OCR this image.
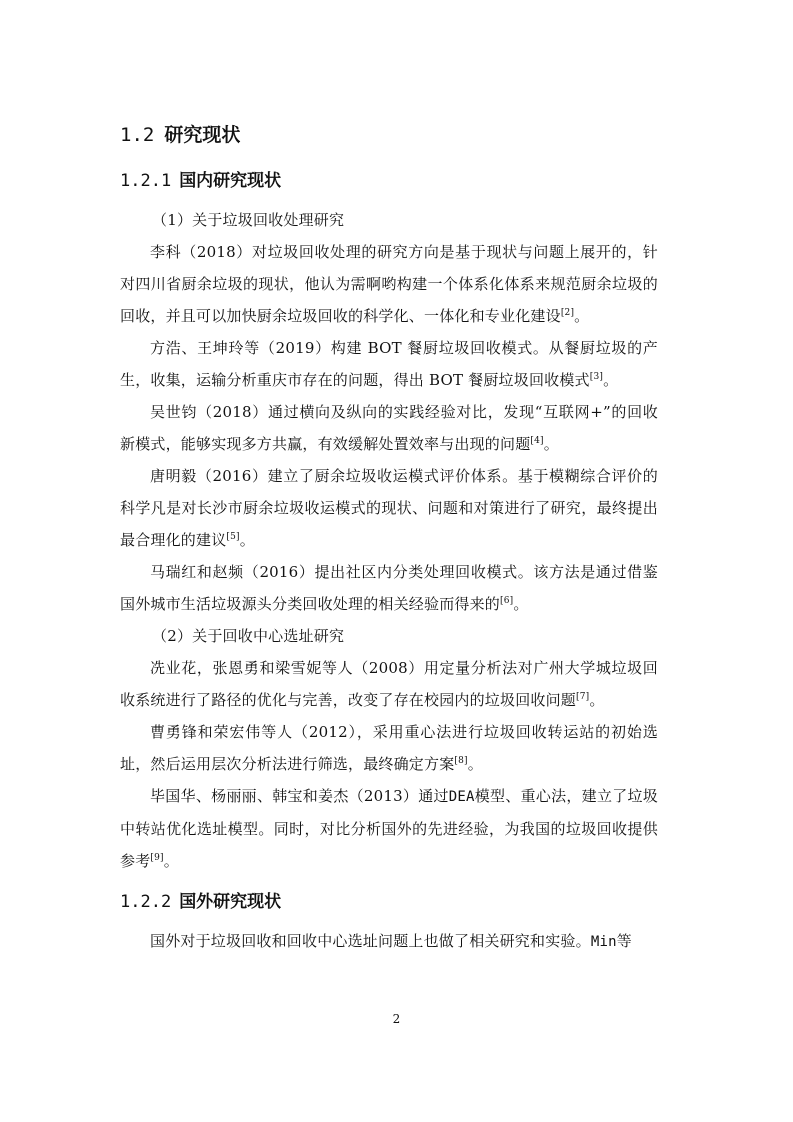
1.2 研究现状
1.2.1 国内研究现状

（1）关于垃圾回收处理研究

李科（2018）对垃圾回收处理的研究方向是基于现状与问题上展开的，针对四川省厨余垃圾的现状，他认为需啊哟构建一个体系化体系来规范厨余垃圾的回收，并且可以加快厨余垃圾回收的科学化、一体化和专业化建设[2]。

方浩、王坤玲等（2019）构建 BOT 餐厨垃圾回收模式。从餐厨垃圾的产生，收集，运输分析重庆市存在的问题，得出 BOT 餐厨垃圾回收模式[3]。

吴世钧（2018）通过横向及纵向的实践经验对比，发现“互联网+”的回收新模式，能够实现多方共赢，有效缓解处置效率与出现的问题[4]。

唐明毅（2016）建立了厨余垃圾收运模式评价体系。基于模糊综合评价的科学凡是对长沙市厨余垃圾收运模式的现状、问题和对策进行了研究，最终提出最合理化的建议[5]。

马瑞红和赵频（2016）提出社区内分类处理回收模式。该方法是通过借鉴国外城市生活垃圾源头分类回收处理的相关经验而得来的[6]。

（2）关于回收中心选址研究

冼业花，张恩勇和梁雪妮等人（2008）用定量分析法对广州大学城垃圾回收系统进行了路径的优化与完善，改变了存在校园内的垃圾回收问题[7]。

曹勇锋和荣宏伟等人（2012），采用重心法进行垃圾回收转运站的初始选址，然后运用层次分析法进行筛选，最终确定方案[8]。

毕国华、杨丽丽、韩宝和姜杰（2013）通过DEA模型、重心法，建立了垃圾中转站优化选址模型。同时，对比分析国外的先进经验，为我国的垃圾回收提供参考[9]。

1.2.2 国外研究现状

国外对于垃圾回收和回收中心选址问题上也做了相关研究和实验。Min等

2
